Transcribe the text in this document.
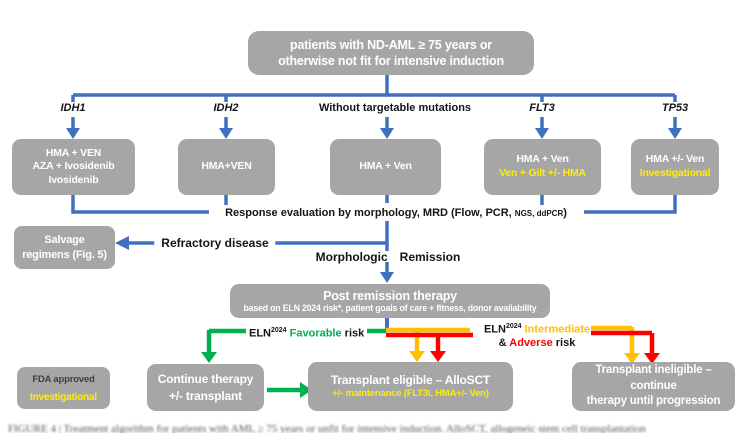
patients with ND-AML ≥ 75 years or
otherwise not fit for intensive induction
IDH1	IDH2	Without targetable mutations	FLT3	TP53
HMA + VEN
AZA + Ivosidenib
Ivosidenib
HMA+VEN	HMA + Ven
HMA + Ven
Ven + Gilt +/- HMA
HMA +/- Ven
Investigational
Response evaluation by morphology, MRD (Flow, PCR, NGS, ddPCR)
Salvage
regimens (Fig. 5)
Refractory disease
Morphologic Remission
Post remission therapy
based on ELN 2024 risk*, patient goals of care + fitness, donor availability
$ELN^{2024}$ Favorable risk	$ELN^{2024}$ Intermediate
& Adverse risk
FDA approved
Investigational
Continue therapy
+/- transplant
Transplant eligible – AlloSCT
+/- maintenance (FLT3i, HMA+/- Ven)
Transplant ineligible – continue
therapy until progression
FIGURE 4 | Treatment algorithm for patients with AML ≥ 75 years or unfit for intensive induction. AlloSCT, allogeneic stem cell transplantation
